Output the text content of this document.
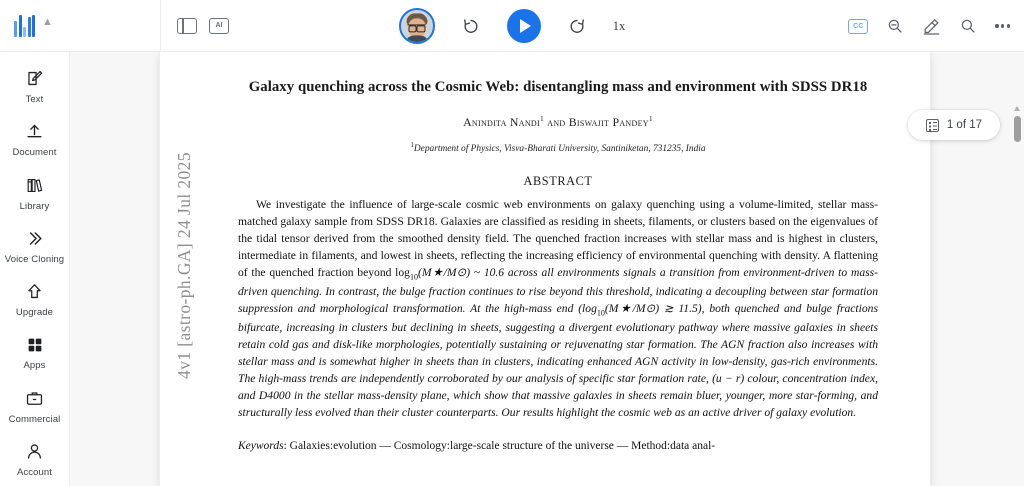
▲	AI	1x	CC
Text
Document
Library
Voice Cloning
Upgrade
Apps
Commercial
Account
4v1 [astro-ph.GA] 24 Jul 2025
Galaxy quenching across the Cosmic Web: disentangling mass and environment with SDSS DR18
Anindita Nandi$^1$ and Biswajit Pandey$^1$
$^1$Department of Physics, Visva-Bharati University, Santiniketan, 731235, India
ABSTRACT
We investigate the influence of large-scale cosmic web environments on galaxy quenching using a volume-limited, stellar mass-matched galaxy sample from SDSS DR18. Galaxies are classified as residing in sheets, filaments, or clusters based on the eigenvalues of the tidal tensor derived from the smoothed density field. The quenched fraction increases with stellar mass and is highest in clusters, intermediate in filaments, and lowest in sheets, reflecting the increasing efficiency of environmental quenching with density. A flattening of the quenched fraction beyond $\log_{10}(M★/M⊙)$ ~ 10.6 across all environments signals a transition from environment-driven to mass-driven quenching. In contrast, the bulge fraction continues to rise beyond this threshold, indicating a decoupling between star formation suppression and morphological transformation. At the high-mass end ($\log_{10}(M★/M⊙)$ ≳ 11.5), both quenched and bulge fractions bifurcate, increasing in clusters but declining in sheets, suggesting a divergent evolutionary pathway where massive galaxies in sheets retain cold gas and disk-like morphologies, potentially sustaining or rejuvenating star formation. The AGN fraction also increases with stellar mass and is somewhat higher in sheets than in clusters, indicating enhanced AGN activity in low-density, gas-rich environments. The high-mass trends are independently corroborated by our analysis of specific star formation rate, (u − r) colour, concentration index, and D4000 in the stellar mass-density plane, which show that massive galaxies in sheets remain bluer, younger, more star-forming, and structurally less evolved than their cluster counterparts. Our results highlight the cosmic web as an active driver of galaxy evolution.
Keywords: Galaxies:evolution — Cosmology:large-scale structure of the universe — Method:data anal-
1 of 17
